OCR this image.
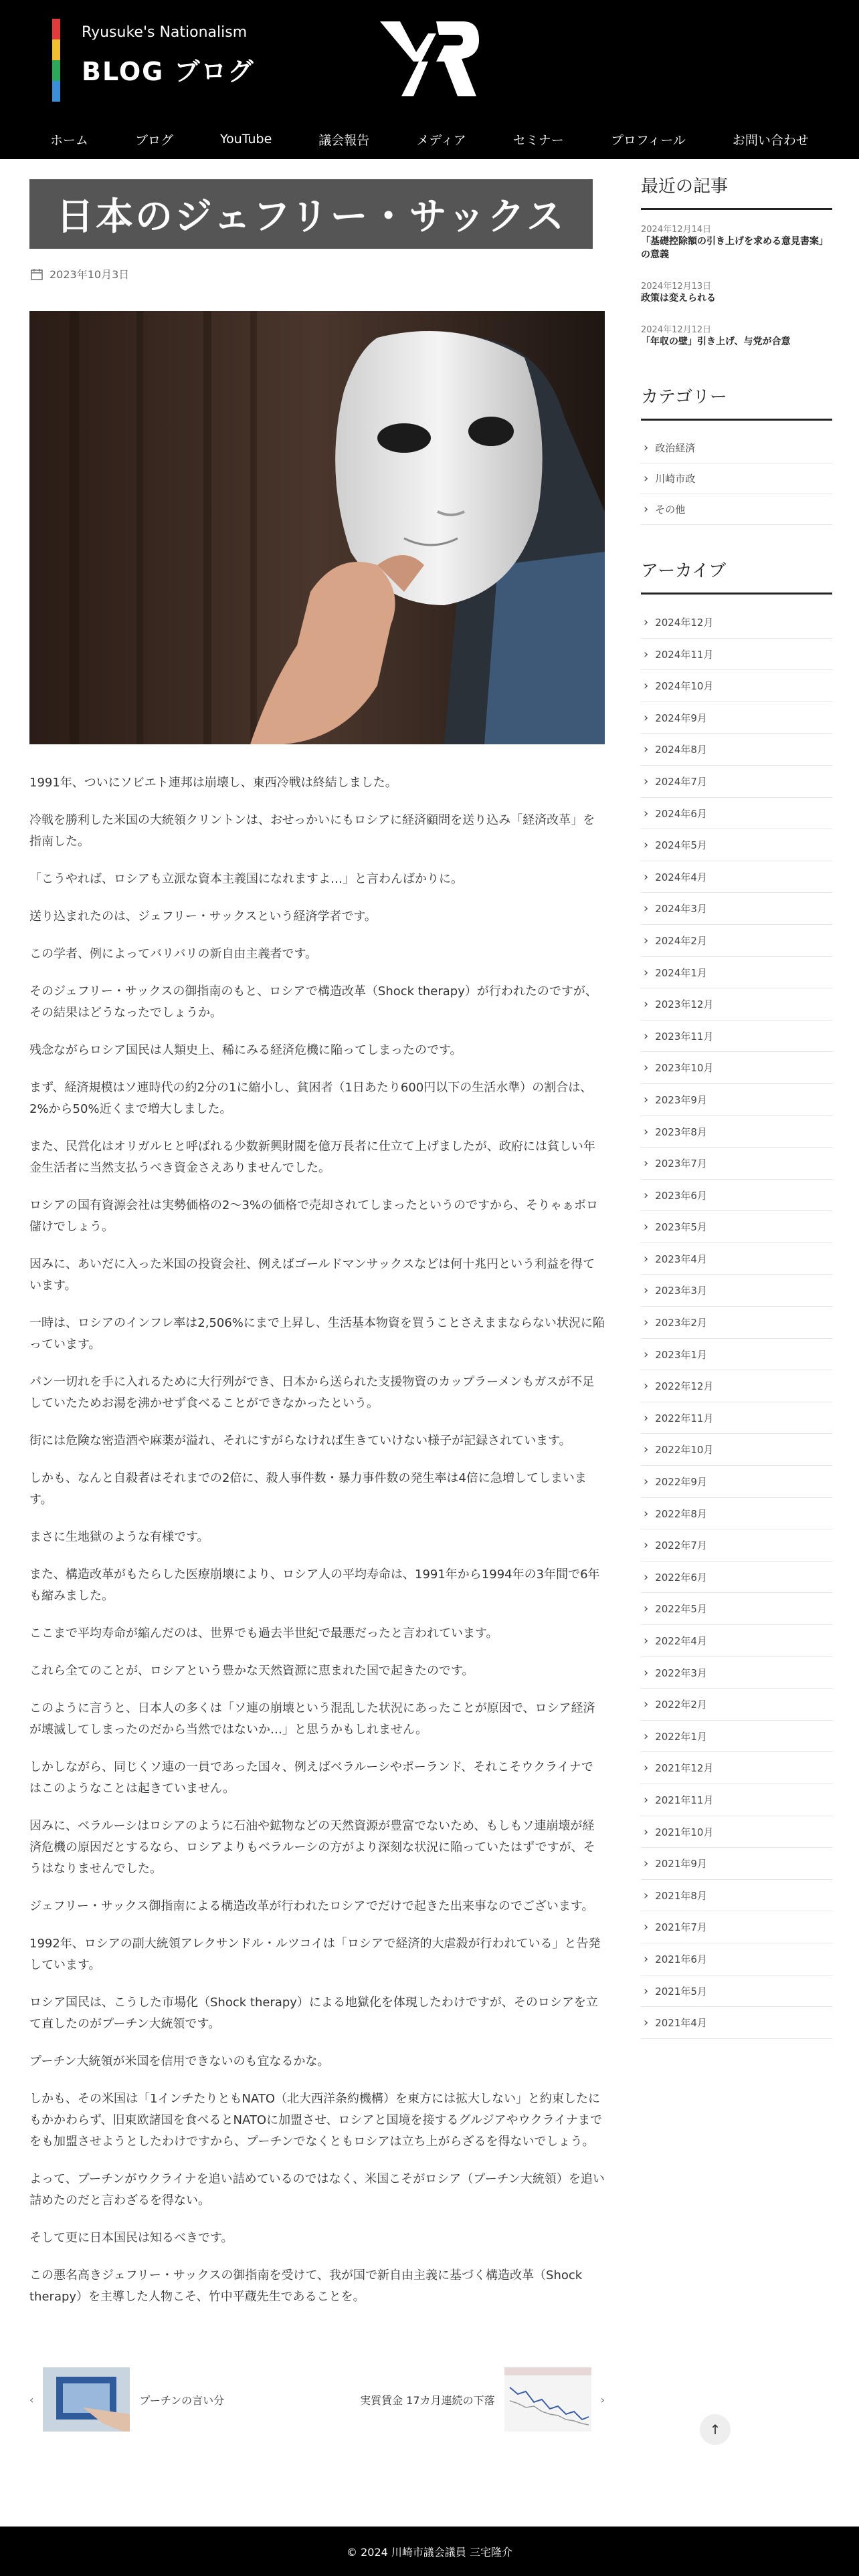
Ryusuke's Nationalism
BLOG ブログ
ホーム	ブログ	YouTube	議会報告	メディア	セミナー	プロフィール	お問い合わせ
日本のジェフリー・サックス
2023年10月3日

1991年、ついにソビエト連邦は崩壊し、東西冷戦は終結しました。

冷戦を勝利した米国の大統領クリントンは、おせっかいにもロシアに経済顧問を送り込み「経済改革」を指南した。

「こうやれば、ロシアも立派な資本主義国になれますよ…」と言わんばかりに。

送り込まれたのは、ジェフリー・サックスという経済学者です。

この学者、例によってバリバリの新自由主義者です。

そのジェフリー・サックスの御指南のもと、ロシアで構造改革（Shock therapy）が行われたのですが、その結果はどうなったでしょうか。

残念ながらロシア国民は人類史上、稀にみる経済危機に陥ってしまったのです。

まず、経済規模はソ連時代の約2分の1に縮小し、貧困者（1日あたり600円以下の生活水準）の割合は、2%から50%近くまで増大しました。

また、民営化はオリガルヒと呼ばれる少数新興財閥を億万長者に仕立て上げましたが、政府には貧しい年金生活者に当然支払うべき資金さえありませんでした。

ロシアの国有資源会社は実勢価格の2〜3%の価格で売却されてしまったというのですから、そりゃぁボロ儲けでしょう。

因みに、あいだに入った米国の投資会社、例えばゴールドマンサックスなどは何十兆円という利益を得ています。

一時は、ロシアのインフレ率は2,506%にまで上昇し、生活基本物資を買うことさえままならない状況に陥っています。

パン一切れを手に入れるために大行列ができ、日本から送られた支援物資のカップラーメンもガスが不足していたためお湯を沸かせず食べることができなかったという。

街には危険な密造酒や麻薬が溢れ、それにすがらなければ生きていけない様子が記録されています。

しかも、なんと自殺者はそれまでの2倍に、殺人事件数・暴力事件数の発生率は4倍に急増してしまいます。

まさに生地獄のような有様です。

また、構造改革がもたらした医療崩壊により、ロシア人の平均寿命は、1991年から1994年の3年間で6年も縮みました。

ここまで平均寿命が縮んだのは、世界でも過去半世紀で最悪だったと言われています。

これら全てのことが、ロシアという豊かな天然資源に恵まれた国で起きたのです。

このように言うと、日本人の多くは「ソ連の崩壊という混乱した状況にあったことが原因で、ロシア経済が壊滅してしまったのだから当然ではないか…」と思うかもしれません。

しかしながら、同じくソ連の一員であった国々、例えばベラルーシやポーランド、それこそウクライナではこのようなことは起きていません。

因みに、ベラルーシはロシアのように石油や鉱物などの天然資源が豊富でないため、もしもソ連崩壊が経済危機の原因だとするなら、ロシアよりもベラルーシの方がより深刻な状況に陥っていたはずですが、そうはなりませんでした。

ジェフリー・サックス御指南による構造改革が行われたロシアでだけで起きた出来事なのでございます。

1992年、ロシアの副大統領アレクサンドル・ルツコイは「ロシアで経済的大虐殺が行われている」と告発しています。

ロシア国民は、こうした市場化（Shock therapy）による地獄化を体現したわけですが、そのロシアを立て直したのがプーチン大統領です。

プーチン大統領が米国を信用できないのも宜なるかな。

しかも、その米国は「1インチたりともNATO（北大西洋条約機構）を東方には拡大しない」と約束したにもかかわらず、旧東欧諸国を食べるとNATOに加盟させ、ロシアと国境を接するグルジアやウクライナまでをも加盟させようとしたわけですから、プーチンでなくともロシアは立ち上がらざるを得ないでしょう。

よって、プーチンがウクライナを追い詰めているのではなく、米国こそがロシア（プーチン大統領）を追い詰めたのだと言わざるを得ない。

そして更に日本国民は知るべきです。

この悪名高きジェフリー・サックスの御指南を受けて、我が国で新自由主義に基づく構造改革（Shock therapy）を主導した人物こそ、竹中平蔵先生であることを。

‹	プーチンの言い分	実質賃金 17カ月連続の下落	›
↑
最近の記事
2024年12月14日
「基礎控除額の引き上げを求める意見書案」の意義
2024年12月13日
政策は変えられる
2024年12月12日
「年収の壁」引き上げ、与党が合意
カテゴリー
› 政治経済
› 川崎市政
› その他
アーカイブ
› 2024年12月
› 2024年11月
› 2024年10月
› 2024年9月
› 2024年8月
› 2024年7月
› 2024年6月
› 2024年5月
› 2024年4月
› 2024年3月
› 2024年2月
› 2024年1月
› 2023年12月
› 2023年11月
› 2023年10月
› 2023年9月
› 2023年8月
› 2023年7月
› 2023年6月
› 2023年5月
› 2023年4月
› 2023年3月
› 2023年2月
› 2023年1月
› 2022年12月
› 2022年11月
› 2022年10月
› 2022年9月
› 2022年8月
› 2022年7月
› 2022年6月
› 2022年5月
› 2022年4月
› 2022年3月
› 2022年2月
› 2022年1月
› 2021年12月
› 2021年11月
› 2021年10月
› 2021年9月
› 2021年8月
› 2021年7月
› 2021年6月
› 2021年5月
› 2021年4月
© 2024 川崎市議会議員 三宅隆介
